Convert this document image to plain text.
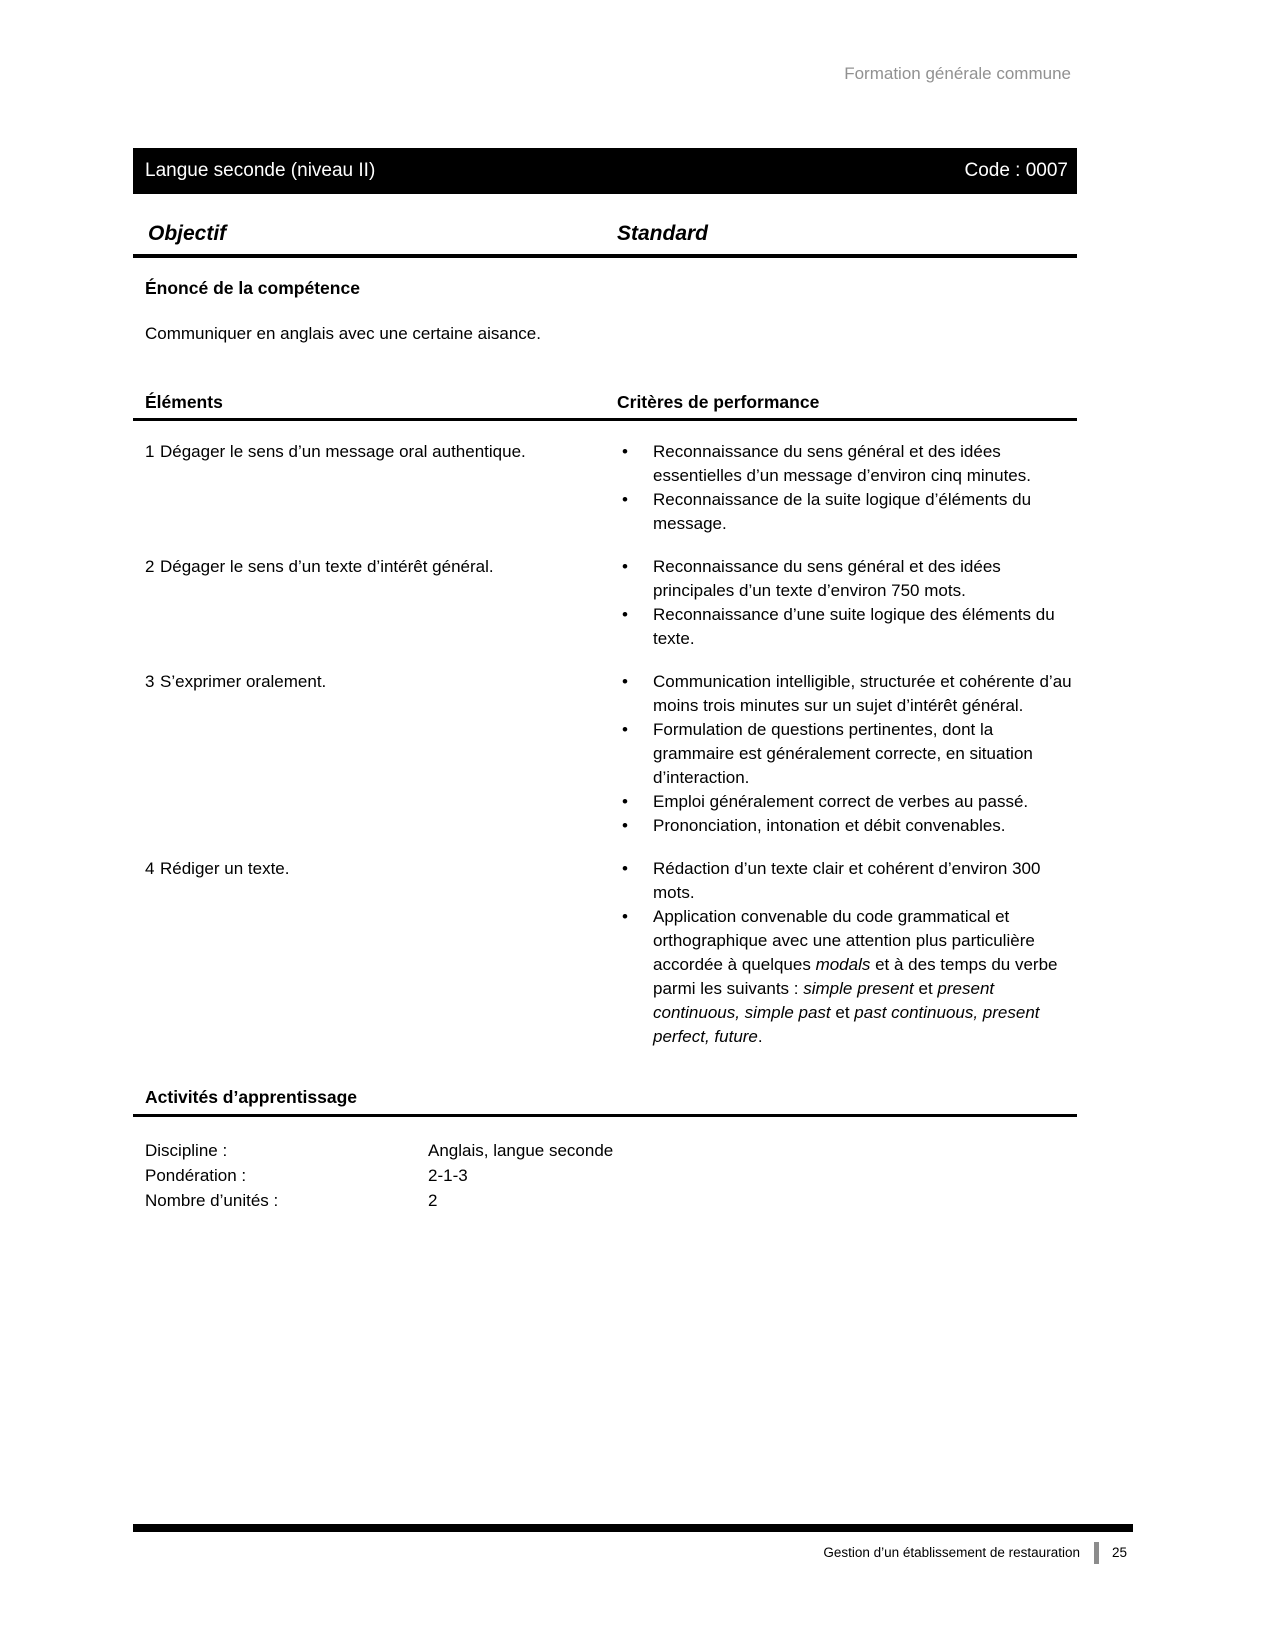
Formation générale commune
Langue seconde (niveau II)	Code : 0007
Objectif	Standard
Énoncé de la compétence
Communiquer en anglais avec une certaine aisance.
Éléments	Critères de performance
1 Dégager le sens d’un message oral authentique.	• Reconnaissance du sens général et des idées essentielles d’un message d’environ cinq minutes.
• Reconnaissance de la suite logique d’éléments du message.
2 Dégager le sens d’un texte d’intérêt général.	• Reconnaissance du sens général et des idées principales d’un texte d’environ 750 mots.
• Reconnaissance d’une suite logique des éléments du texte.
3 S’exprimer oralement.	• Communication intelligible, structurée et cohérente d’au moins trois minutes sur un sujet d’intérêt général.
• Formulation de questions pertinentes, dont la grammaire est généralement correcte, en situation d’interaction.
• Emploi généralement correct de verbes au passé.
• Prononciation, intonation et débit convenables.
4 Rédiger un texte.	• Rédaction d’un texte clair et cohérent d’environ 300 mots.
• Application convenable du code grammatical et orthographique avec une attention plus particulière accordée à quelques modals et à des temps du verbe parmi les suivants : simple present et present continuous, simple past et past continuous, present perfect, future.
Activités d’apprentissage
Discipline :	Anglais, langue seconde
Pondération :	2-1-3
Nombre d’unités :	2
Gestion d’un établissement de restauration 25
